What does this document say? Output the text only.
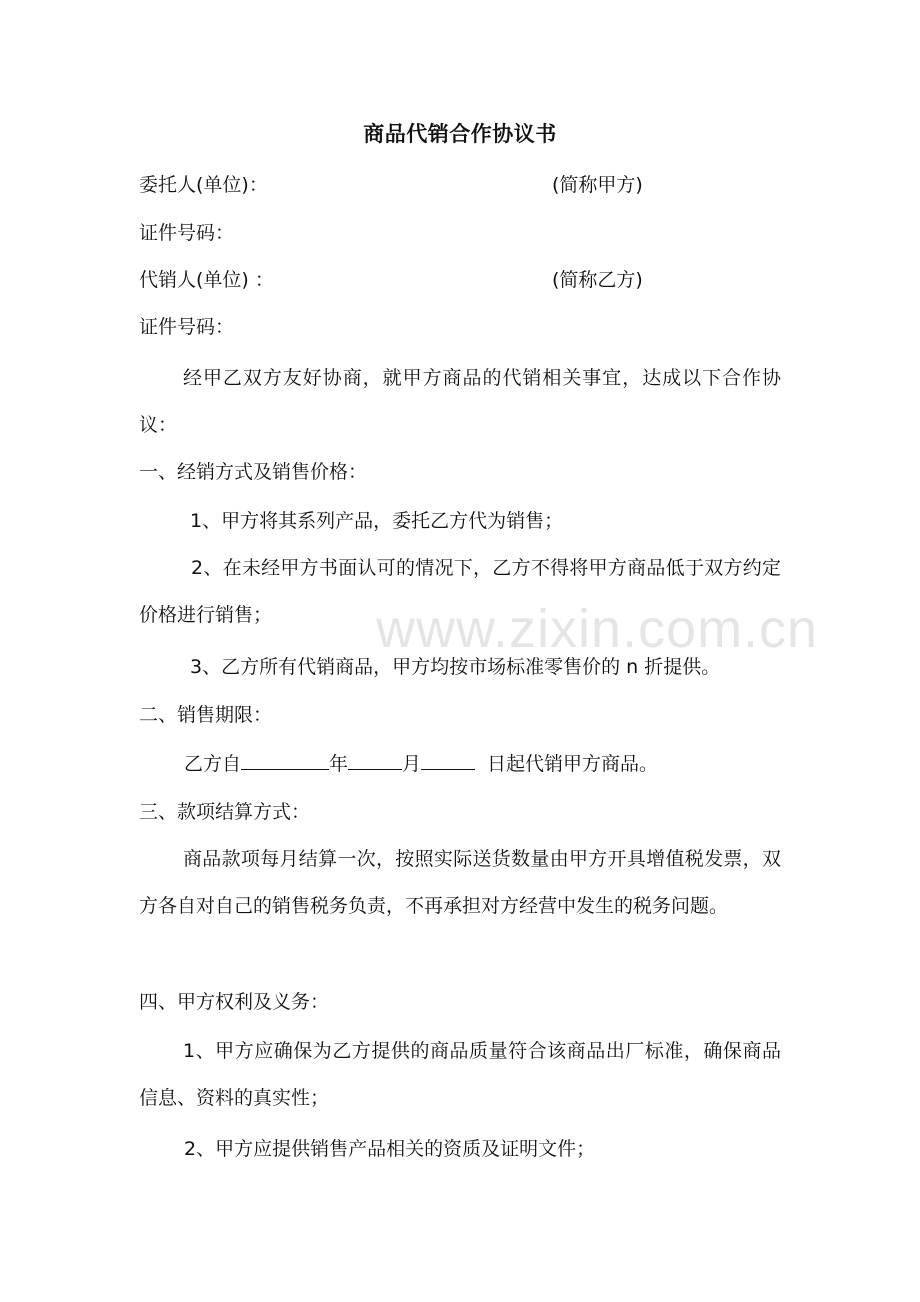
商品代销合作协议书
委托人(单位)：	(简称甲方)
证件号码：
代销人(单位) ：	(简称乙方)
证件号码：
经甲乙双方友好协商，就甲方商品的代销相关事宜，达成以下合作协议：
一、经销方式及销售价格：
1、甲方将其系列产品，委托乙方代为销售；
2、在未经甲方书面认可的情况下，乙方不得将甲方商品低于双方约定价格进行销售；
3、乙方所有代销商品，甲方均按市场标准零售价的 n 折提供。
二、销售期限：
乙方自	年	月	日起代销甲方商品。
三、款项结算方式：
商品款项每月结算一次，按照实际送货数量由甲方开具增值税发票，双方各自对自己的销售税务负责，不再承担对方经营中发生的税务问题。
四、甲方权利及义务：
1、甲方应确保为乙方提供的商品质量符合该商品出厂标准，确保商品信息、资料的真实性；
2、甲方应提供销售产品相关的资质及证明文件；
www.zixin.com.cn
